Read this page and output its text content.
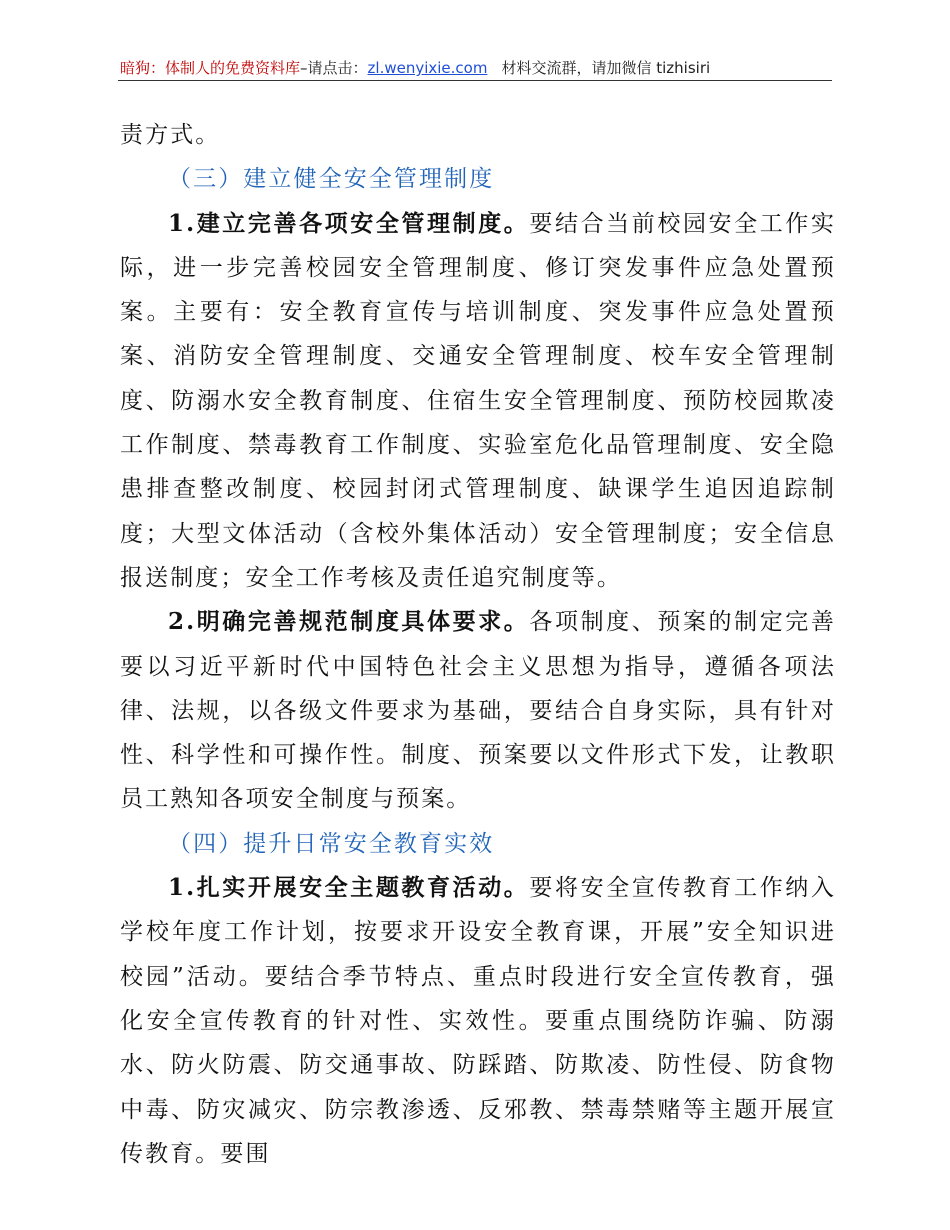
暗狗：体制人的免费资料库–请点击：zl.wenyixie.com 材料交流群，请加微信 tizhisiri

责方式。

（三）建立健全安全管理制度

1.建立完善各项安全管理制度。要结合当前校园安全工作实际，进一步完善校园安全管理制度、修订突发事件应急处置预案。主要有：安全教育宣传与培训制度、突发事件应急处置预案、消防安全管理制度、交通安全管理制度、校车安全管理制度、防溺水安全教育制度、住宿生安全管理制度、预防校园欺凌工作制度、禁毒教育工作制度、实验室危化品管理制度、安全隐患排查整改制度、校园封闭式管理制度、缺课学生追因追踪制度；大型文体活动（含校外集体活动）安全管理制度；安全信息报送制度；安全工作考核及责任追究制度等。

2.明确完善规范制度具体要求。各项制度、预案的制定完善要以习近平新时代中国特色社会主义思想为指导，遵循各项法律、法规，以各级文件要求为基础，要结合自身实际，具有针对性、科学性和可操作性。制度、预案要以文件形式下发，让教职员工熟知各项安全制度与预案。

（四）提升日常安全教育实效

1.扎实开展安全主题教育活动。要将安全宣传教育工作纳入学校年度工作计划，按要求开设安全教育课，开展”安全知识进校园”活动。要结合季节特点、重点时段进行安全宣传教育，强化安全宣传教育的针对性、实效性。要重点围绕防诈骗、防溺水、防火防震、防交通事故、防踩踏、防欺凌、防性侵、防食物中毒、防灾减灾、防宗教渗透、反邪教、禁毒禁赌等主题开展宣传教育。要围
